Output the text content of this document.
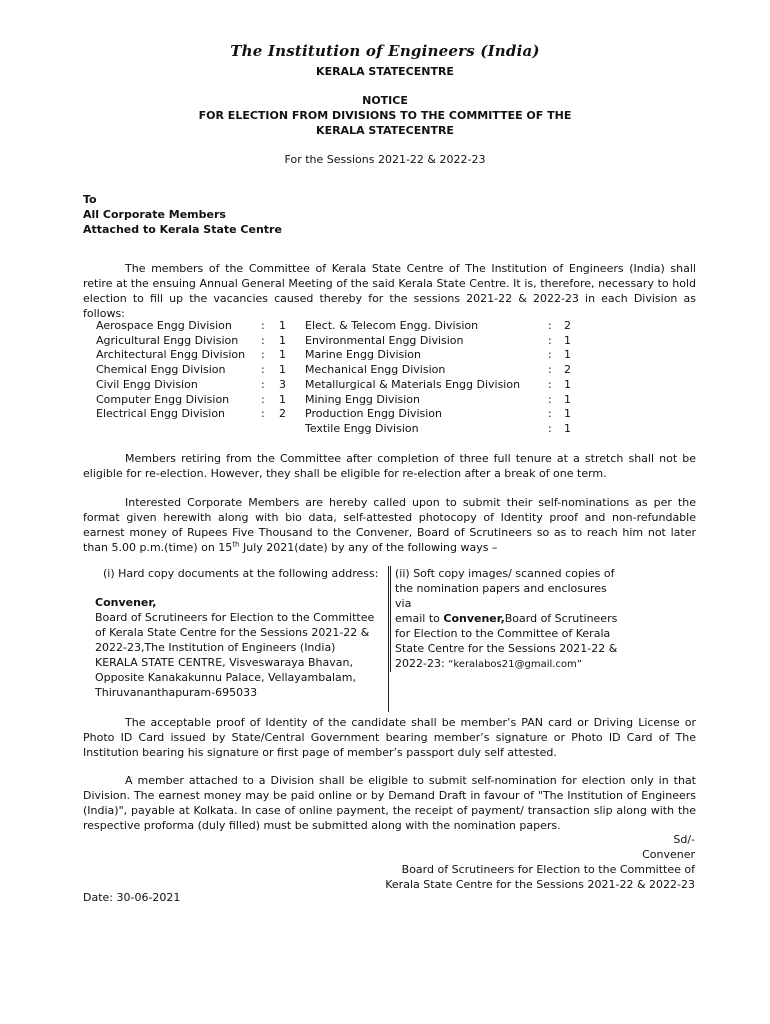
The Institution of Engineers (India)
KERALA STATECENTRE
NOTICE
FOR ELECTION FROM DIVISIONS TO THE COMMITTEE OF THE
KERALA STATECENTRE
For the Sessions 2021-22 & 2022-23
To
All Corporate Members
Attached to Kerala State Centre
The members of the Committee of Kerala State Centre of The Institution of Engineers (India) shall retire at the ensuing Annual General Meeting of the said Kerala State Centre. It is, therefore, necessary to hold election to fill up the vacancies caused thereby for the sessions 2021-22 & 2022-23 in each Division as follows:
Aerospace Engg Division	:	1
Agricultural Engg Division	:	1
Architectural Engg Division	:	1
Chemical Engg Division	:	1
Civil Engg Division	:	3
Computer Engg Division	:	1
Electrical Engg Division	:	2
	Elect. & Telecom Engg. Division	:	2
	Environmental Engg Division	:	1
	Marine Engg Division	:	1
	Mechanical Engg Division	:	2
	Metallurgical & Materials Engg Division	:	1
	Mining Engg Division	:	1
	Production Engg Division	:	1
	Textile Engg Division	:	1
Members retiring from the Committee after completion of three full tenure at a stretch shall not be eligible for re-election. However, they shall be eligible for re-election after a break of one term.
Interested Corporate Members are hereby called upon to submit their self-nominations as per the format given herewith along with bio data, self-attested photocopy of Identity proof and non-refundable earnest money of Rupees Five Thousand to the Convener, Board of Scrutineers so as to reach him not later than 5.00 p.m.(time) on 15th July 2021(date) by any of the following ways –
(i) Hard copy documents at the following address:
Convener,
Board of Scrutineers for Election to the Committee
of Kerala State Centre for the Sessions 2021-22 &
2022-23,The Institution of Engineers (India)
KERALA STATE CENTRE, Visveswaraya Bhavan,
Opposite Kanakakunnu Palace, Vellayambalam,
Thiruvananthapuram-695033
(ii) Soft copy images/ scanned copies of
the nomination papers and enclosures via
email to Convener,Board of Scrutineers
for Election to the Committee of Kerala
State Centre for the Sessions 2021-22 &
2022-23: “keralabos21@gmail.com”
The acceptable proof of Identity of the candidate shall be member’s PAN card or Driving License or Photo ID Card issued by State/Central Government bearing member’s signature or Photo ID Card of The Institution bearing his signature or first page of member’s passport duly self attested.
A member attached to a Division shall be eligible to submit self-nomination for election only in that Division. The earnest money may be paid online or by Demand Draft in favour of "The Institution of Engineers (India)", payable at Kolkata. In case of online payment, the receipt of payment/ transaction slip along with the respective proforma (duly filled) must be submitted along with the nomination papers.
Sd/-
Convener
Board of Scrutineers for Election to the Committee of
Kerala State Centre for the Sessions 2021-22 & 2022-23
Date: 30-06-2021
